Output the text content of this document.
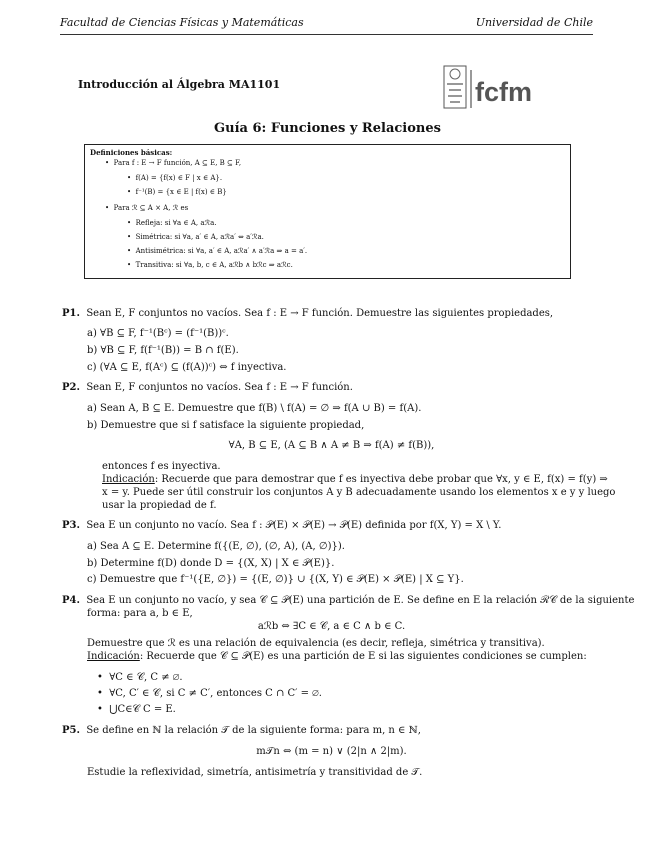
Facultad de Ciencias Físicas y Matemáticas	Universidad de Chile
Introducción al Álgebra MA1101	fcfm
Guía 6: Funciones y Relaciones
Definiciones básicas:
•  Para f : E → F función, A ⊆ E, B ⊆ F,
•  f(A) = {f(x) ∈ F | x ∈ A}.
•  f⁻¹(B) = {x ∈ E | f(x) ∈ B}
•  Para ℛ ⊆ A × A, ℛ es
•  Refleja: si ∀a ∈ A, aℛa.
•  Simétrica: si ∀a, a′ ∈ A, aℛa′ ⇔ a′ℛa.
•  Antisimétrica: si ∀a, a′ ∈ A, aℛa′ ∧ a′ℛa ⇒ a = a′.
•  Transitiva: si ∀a, b, c ∈ A, aℛb ∧ bℛc ⇒ aℛc.
P1. Sean E, F conjuntos no vacíos. Sea f : E → F función. Demuestre las siguientes propiedades,
a) ∀B ⊆ F, f⁻¹(Bᶜ) = (f⁻¹(B))ᶜ.
b) ∀B ⊆ F, f(f⁻¹(B)) = B ∩ f(E).
c) (∀A ⊆ E, f(Aᶜ) ⊆ (f(A))ᶜ) ⇔ f inyectiva.
P2. Sean E, F conjuntos no vacíos. Sea f : E → F función.
a) Sean A, B ⊆ E. Demuestre que f(B) \ f(A) = ∅ ⇒ f(A ∪ B) = f(A).
b) Demuestre que si f satisface la siguiente propiedad,
∀A, B ⊆ E, (A ⊆ B ∧ A ≠ B ⇒ f(A) ≠ f(B)),
entonces f es inyectiva.
Indicación: Recuerde que para demostrar que f es inyectiva debe probar que ∀x, y ∈ E, f(x) = f(y) ⇒
x = y. Puede ser útil construir los conjuntos A y B adecuadamente usando los elementos x e y y luego
usar la propiedad de f.
P3. Sea E un conjunto no vacío. Sea f : 𝒫(E) × 𝒫(E) → 𝒫(E) definida por f(X, Y) = X \ Y.
a) Sea A ⊆ E. Determine f({(E, ∅), (∅, A), (A, ∅)}).
b) Determine f(D) donde D = {(X, X) | X ∈ 𝒫(E)}.
c) Demuestre que f⁻¹({E, ∅}) = {(E, ∅)} ∪ {(X, Y) ∈ 𝒫(E) × 𝒫(E) | X ⊆ Y}.
P4. Sea E un conjunto no vacío, y sea 𝒞 ⊆ 𝒫(E) una partición de E. Se define en E la relación ℛ𝒞 de la siguiente
forma: para a, b ∈ E,
aℛb ⇔ ∃C ∈ 𝒞, a ∈ C ∧ b ∈ C.
Demuestre que ℛ es una relación de equivalencia (es decir, refleja, simétrica y transitiva).
Indicación: Recuerde que 𝒞 ⊆ 𝒫(E) es una partición de E si las siguientes condiciones se cumplen:
•  ∀C ∈ 𝒞, C ≠ ∅.
•  ∀C, C′ ∈ 𝒞, si C ≠ C′, entonces C ∩ C′ = ∅.
•  ⋃C∈𝒞 C = E.
P5. Se define en ℕ la relación 𝒯 de la siguiente forma: para m, n ∈ ℕ,
m𝒯n ⇔ (m = n) ∨ (2|n ∧ 2|m).
Estudie la reflexividad, simetría, antisimetría y transitividad de 𝒯.
